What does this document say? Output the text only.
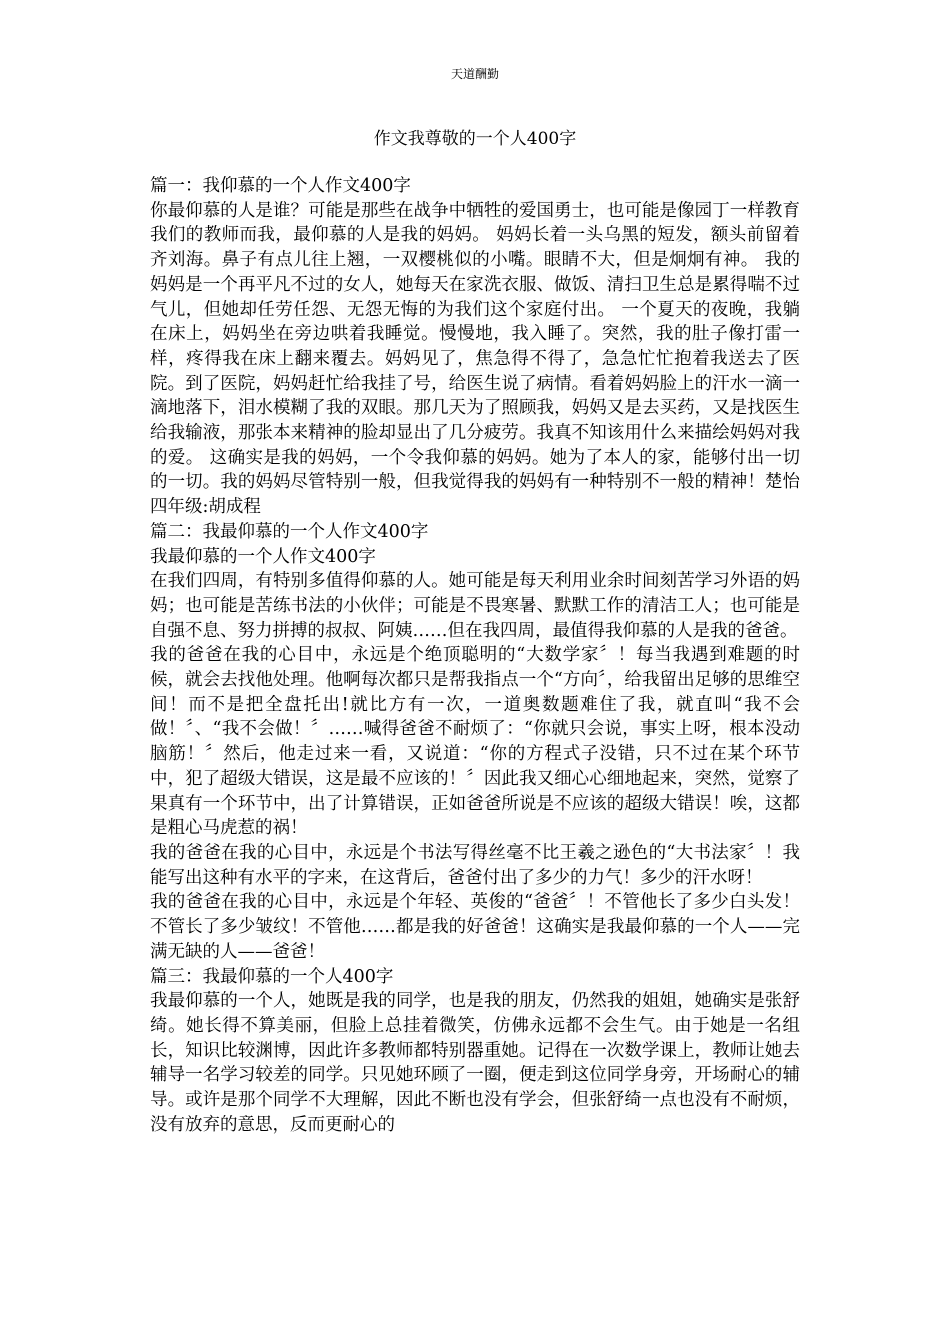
天道酬勤
作文我尊敬的一个人400字

篇一：我仰慕的一个人作文400字

你最仰慕的人是谁？可能是那些在战争中牺牲的爱国勇士，也可能是像园丁一样教育我们的教师而我，最仰慕的人是我的妈妈。 妈妈长着一头乌黑的短发，额头前留着齐刘海。鼻子有点儿往上翘，一双樱桃似的小嘴。眼睛不大，但是炯炯有神。 我的妈妈是一个再平凡不过的女人，她每天在家洗衣服、做饭、清扫卫生总是累得喘不过气儿，但她却任劳任怨、无怨无悔的为我们这个家庭付出。 一个夏天的夜晚，我躺在床上，妈妈坐在旁边哄着我睡觉。慢慢地，我入睡了。突然，我的肚子像打雷一样，疼得我在床上翻来覆去。妈妈见了，焦急得不得了，急急忙忙抱着我送去了医院。到了医院，妈妈赶忙给我挂了号，给医生说了病情。看着妈妈脸上的汗水一滴一滴地落下，泪水模糊了我的双眼。那几天为了照顾我，妈妈又是去买药，又是找医生给我输液，那张本来精神的脸却显出了几分疲劳。我真不知该用什么来描绘妈妈对我的爱。 这确实是我的妈妈，一个令我仰慕的妈妈。她为了本人的家，能够付出一切的一切。我的妈妈尽管特别一般，但我觉得我的妈妈有一种特别不一般的精神！楚怡四年级:胡成程

篇二：我最仰慕的一个人作文400字

我最仰慕的一个人作文400字

在我们四周，有特别多值得仰慕的人。她可能是每天利用业余时间刻苦学习外语的妈妈；也可能是苦练书法的小伙伴；可能是不畏寒暑、默默工作的清洁工人；也可能是自强不息、努力拼搏的叔叔、阿姨……但在我四周，最值得我仰慕的人是我的爸爸。

我的爸爸在我的心目中，永远是个绝顶聪明的“大数学家〞！每当我遇到难题的时候，就会去找他处理。他啊每次都只是帮我指点一个“方向〞，给我留出足够的思维空间！而不是把全盘托出!就比方有一次，一道奥数题难住了我，就直叫“我不会做！〞、“我不会做！〞……喊得爸爸不耐烦了：“你就只会说，事实上呀，根本没动脑筋！〞然后，他走过来一看，又说道：“你的方程式子没错，只不过在某个环节中，犯了超级大错误，这是最不应该的！〞因此我又细心心细地起来，突然，觉察了果真有一个环节中，出了计算错误，正如爸爸所说是不应该的超级大错误！唉，这都是粗心马虎惹的祸！

我的爸爸在我的心目中，永远是个书法写得丝毫不比王羲之逊色的“大书法家〞！我能写出这种有水平的字来，在这背后，爸爸付出了多少的力气！多少的汗水呀！

我的爸爸在我的心目中，永远是个年轻、英俊的“爸爸〞！不管他长了多少白头发！不管长了多少皱纹！不管他……都是我的好爸爸！这确实是我最仰慕的一个人——完满无缺的人——爸爸！

篇三：我最仰慕的一个人400字

我最仰慕的一个人，她既是我的同学，也是我的朋友，仍然我的姐姐，她确实是张舒绮。她长得不算美丽，但脸上总挂着微笑，仿佛永远都不会生气。由于她是一名组长，知识比较渊博，因此许多教师都特别器重她。记得在一次数学课上，教师让她去辅导一名学习较差的同学。只见她环顾了一圈，便走到这位同学身旁，开场耐心的辅导。或许是那个同学不大理解，因此不断也没有学会，但张舒绮一点也没有不耐烦，没有放弃的意思，反而更耐心的
